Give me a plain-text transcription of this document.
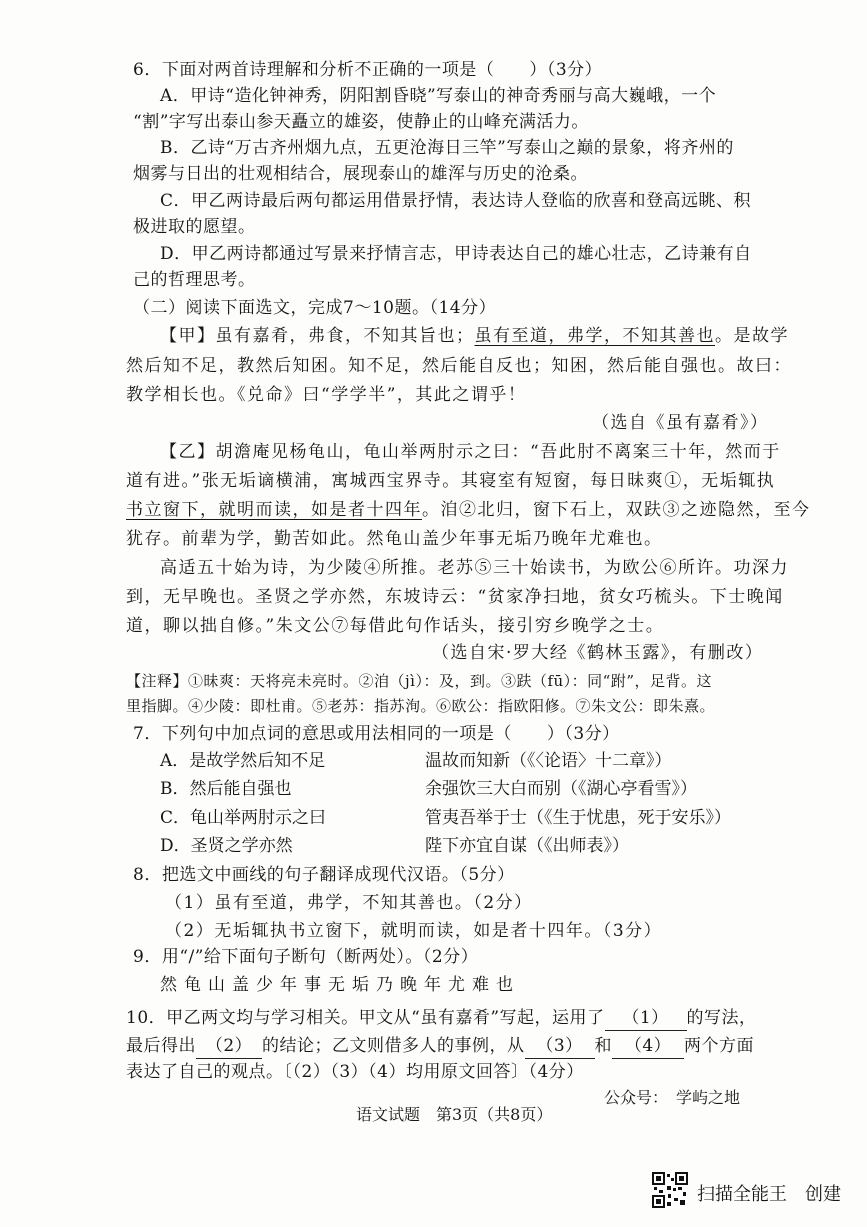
6．下面对两首诗理解和分析不正确的一项是（　　）（3分）
A．甲诗“造化钟神秀，阴阳割昏晓”写泰山的神奇秀丽与高大巍峨，一个
“割”字写出泰山参天矗立的雄姿，使静止的山峰充满活力。
B．乙诗“万古齐州烟九点，五更沧海日三竿”写泰山之巅的景象，将齐州的
烟雾与日出的壮观相结合，展现泰山的雄浑与历史的沧桑。
C．甲乙两诗最后两句都运用借景抒情，表达诗人登临的欣喜和登高远眺、积
极进取的愿望。
D．甲乙两诗都通过写景来抒情言志，甲诗表达自己的雄心壮志，乙诗兼有自
己的哲理思考。
（二）阅读下面选文，完成7～10题。（14分）
【甲】虽有嘉肴，弗食，不知其旨也；虽有至道，弗学，不知其善也。是故学
然后知不足，教然后知困。知不足，然后能自反也；知困，然后能自强也。故曰：
教学相长也。《兑命》曰“学学半”，其此之谓乎！
（选自《虽有嘉肴》）
【乙】胡澹庵见杨龟山，龟山举两肘示之曰：“吾此肘不离案三十年，然而于
道有进。”张无垢谪横浦，寓城西宝界寺。其寝室有短窗，每日昧爽①，无垢辄执
书立窗下，就明而读，如是者十四年。洎②北归，窗下石上，双趺③之迹隐然，至今
犹存。前辈为学，勤苦如此。然龟山盖少年事无垢乃晚年尤难也。
高适五十始为诗，为少陵④所推。老苏⑤三十始读书，为欧公⑥所许。功深力
到，无早晚也。圣贤之学亦然，东坡诗云：“贫家净扫地，贫女巧梳头。下士晚闻
道，聊以拙自修。”朱文公⑦每借此句作话头，接引穷乡晚学之士。
（选自宋·罗大经《鹤林玉露》，有删改）
【注释】①昧爽：天将亮未亮时。②洎（jì）：及，到。③趺（fū）：同“跗”，足背。这
里指脚。④少陵：即杜甫。⑤老苏：指苏洵。⑥欧公：指欧阳修。⑦朱文公：即朱熹。
7．下列句中加点词的意思或用法相同的一项是（　　）（3分）
A．是故学然后知不足	温故而知新（《〈论语〉十二章》）
B．然后能自强也	余强饮三大白而别（《湖心亭看雪》）
C．龟山举两肘示之曰	管夷吾举于士（《生于忧患，死于安乐》）
D．圣贤之学亦然	陛下亦宜自谋（《出师表》）
8．把选文中画线的句子翻译成现代汉语。（5分）
（1）虽有至道，弗学，不知其善也。（2分）
（2）无垢辄执书立窗下，就明而读，如是者十四年。（3分）
9．用“/”给下面句子断句（断两处）。（2分）
然龟山盖少年事无垢乃晚年尤难也
10．甲乙两文均与学习相关。甲文从“虽有嘉肴”写起，运用了 （1） 的写法，
最后得出 （2） 的结论；乙文则借多人的事例，从 （3） 和 （4） 两个方面
表达了自己的观点。〔（2）（3）（4）均用原文回答〕（4分）
公众号：　学屿之地
语文试题　第3页（共8页）
扫描全能王　创建
